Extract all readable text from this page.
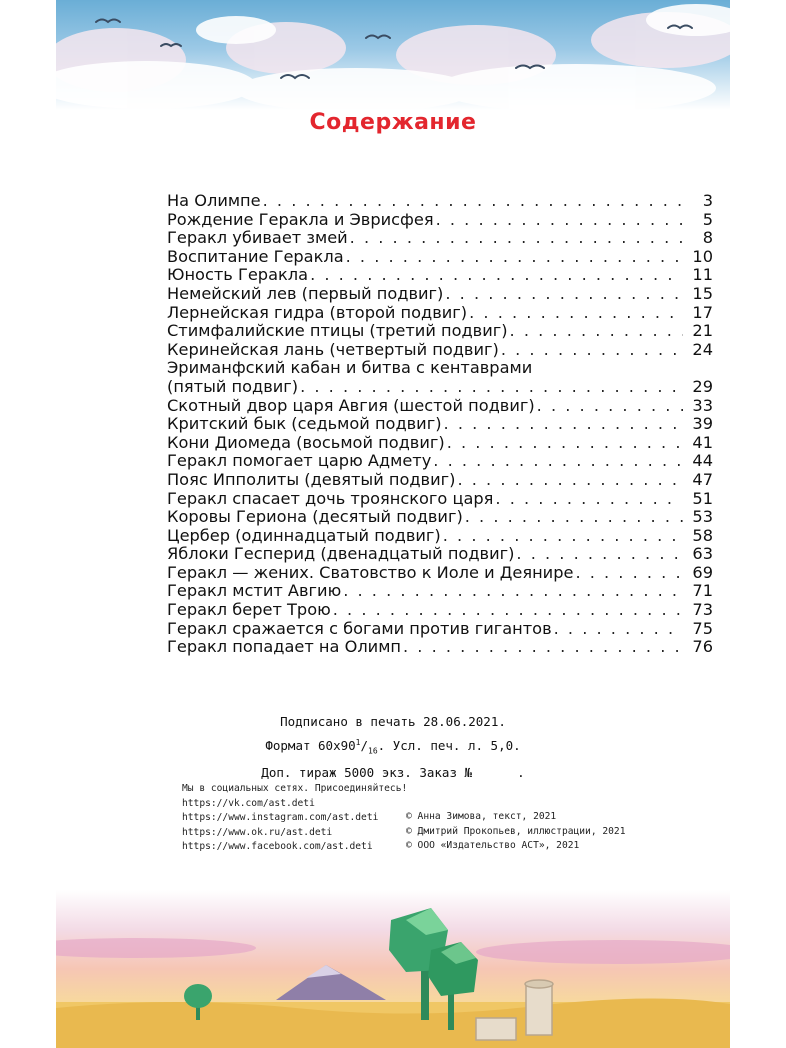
Содержание
На Олимпе . . .	3
Рождение Геракла и Эврисфея . . .	5
Геракл убивает змей . . .	8
Воспитание Геракла . . .	10
Юность Геракла . . .	11
Немейский лев (первый подвиг) . . .	15
Лернейская гидра (второй подвиг) . . .	17
Стимфалийские птицы (третий подвиг) . . .	21
Керинейская лань (четвертый подвиг) . . .	24
Эриманфский кабан и битва с кентаврами
(пятый подвиг) . . .	29
Скотный двор царя Авгия (шестой подвиг) . . .	33
Критский бык (седьмой подвиг) . . .	39
Кони Диомеда (восьмой подвиг) . . .	41
Геракл помогает царю Адмету . . .	44
Пояс Ипполиты (девятый подвиг) . . .	47
Геракл спасает дочь троянского царя . . .	51
Коровы Гериона (десятый подвиг) . . .	53
Цербер (одиннадцатый подвиг) . . .	58
Яблоки Гесперид (двенадцатый подвиг) . . .	63
Геракл — жених. Сватовство к Иоле и Деянире . . .	69
Геракл мстит Авгию . . .	71
Геракл берет Трою . . .	73
Геракл сражается с богами против гигантов . . .	75
Геракл попадает на Олимп . . .	76
Подписано в печать 28.06.2021.
Формат $60x90^1/_{16}$. Усл. печ. л. 5,0.
Доп. тираж 5000 экз. Заказ №      .
Мы в социальных сетях. Присоединяйтесь!
https://vk.com/ast.deti
https://www.instagram.com/ast.deti
https://www.ok.ru/ast.deti
https://www.facebook.com/ast.deti
© Анна Зимова, текст, 2021
© Дмитрий Прокопьев, иллюстрации, 2021
© ООО «Издательство АСТ», 2021
